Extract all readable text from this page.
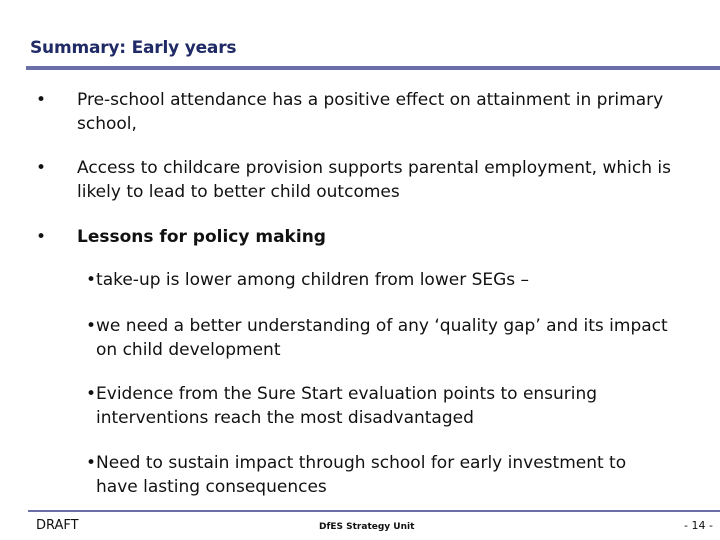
Summary: Early years
• Pre-school attendance has a positive effect on attainment in primary school,
• Access to childcare provision supports parental employment, which is likely to lead to better child outcomes
• Lessons for policy making
•take-up is lower among children from lower SEGs –
•we need a better understanding of any ‘quality gap’ and its impact
on child development
•Evidence from the Sure Start evaluation points to ensuring
interventions reach the most disadvantaged
•Need to sustain impact through school for early investment to
have lasting consequences
DRAFT	DfES Strategy Unit	- 14 -
